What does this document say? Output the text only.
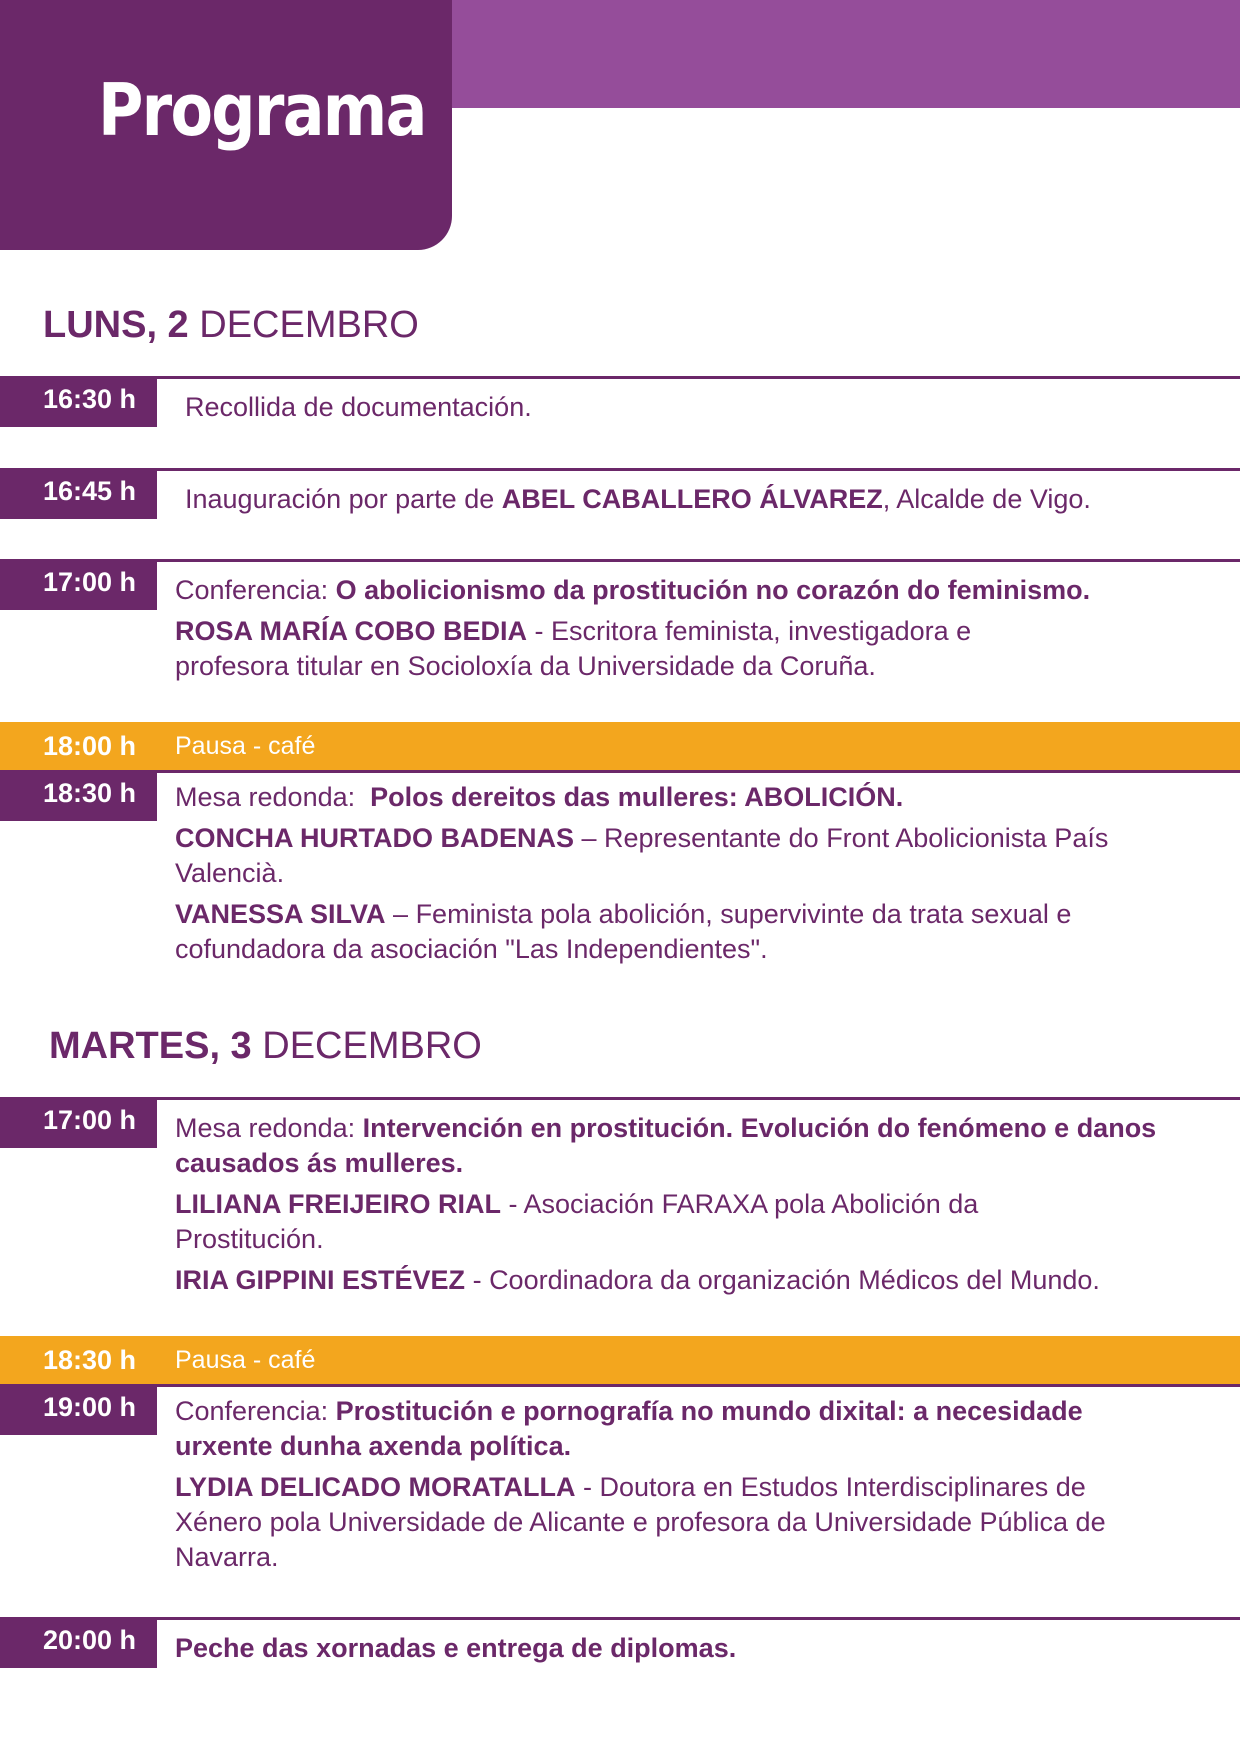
Programa
LUNS, 2 DECEMBRO
16:30 h	Recollida de documentación.

16:45 h	Inauguración por parte de ABEL CABALLERO ÁLVAREZ, Alcalde de Vigo.

17:00 h	Conferencia: O abolicionismo da prostitución no corazón do feminismo.

ROSA MARÍA COBO BEDIA - Escritora feminista, investigadora e profesora titular en Socioloxía da Universidade da Coruña.

18:00 h Pausa - café
18:30 h	Mesa redonda:  Polos dereitos das mulleres: ABOLICIÓN.

CONCHA HURTADO BADENAS – Representante do Front Abolicionista País Valencià.

VANESSA SILVA – Feminista pola abolición, supervivinte da trata sexual e cofundadora da asociación "Las Independientes".

MARTES, 3 DECEMBRO
17:00 h	Mesa redonda: Intervención en prostitución. Evolución do fenómeno e danos causados ás mulleres.

LILIANA FREIJEIRO RIAL - Asociación FARAXA pola Abolición da Prostitución.

IRIA GIPPINI ESTÉVEZ - Coordinadora da organización Médicos del Mundo.

18:30 h Pausa - café
19:00 h	Conferencia: Prostitución e pornografía no mundo dixital: a necesidade urxente dunha axenda política.

LYDIA DELICADO MORATALLA - Doutora en Estudos Interdisciplinares de Xénero pola Universidade de Alicante e profesora da Universidade Pública de Navarra.

20:00 h	Peche das xornadas e entrega de diplomas.
